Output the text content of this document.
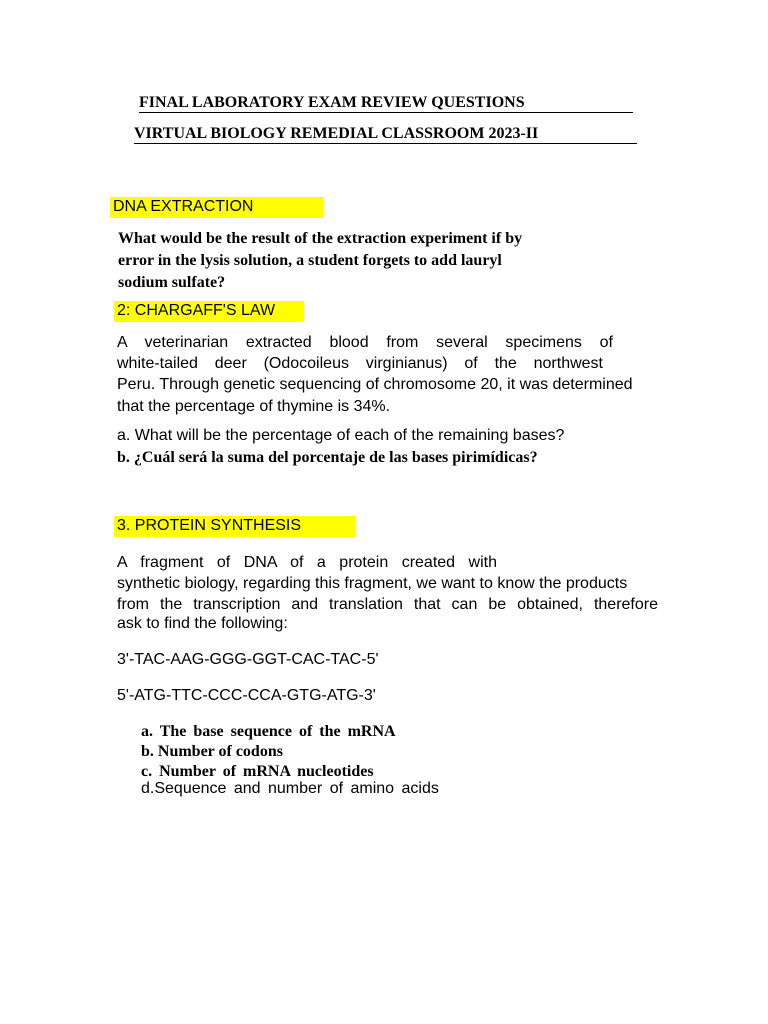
FINAL LABORATORY EXAM REVIEW QUESTIONS
VIRTUAL BIOLOGY REMEDIAL CLASSROOM 2023-II
DNA EXTRACTION
What would be the result of the extraction experiment if by
error in the lysis solution, a student forgets to add lauryl
sodium sulfate?
2: CHARGAFF'S LAW
A veterinarian extracted blood from several specimens of
white-tailed deer (Odocoileus virginianus) of the northwest
Peru. Through genetic sequencing of chromosome 20, it was determined
that the percentage of thymine is 34%.
a. What will be the percentage of each of the remaining bases?
b. ¿Cuál será la suma del porcentaje de las bases pirimídicas?
3. PROTEIN SYNTHESIS
A fragment of DNA of a protein created with
synthetic biology, regarding this fragment, we want to know the products
from the transcription and translation that can be obtained, therefore
ask to find the following:
3'-TAC-AAG-GGG-GGT-CAC-TAC-5'
5'-ATG-TTC-CCC-CCA-GTG-ATG-3'
a. The base sequence of the mRNA
b. Number of codons
c. Number of mRNA nucleotides
d.Sequence and number of amino acids
